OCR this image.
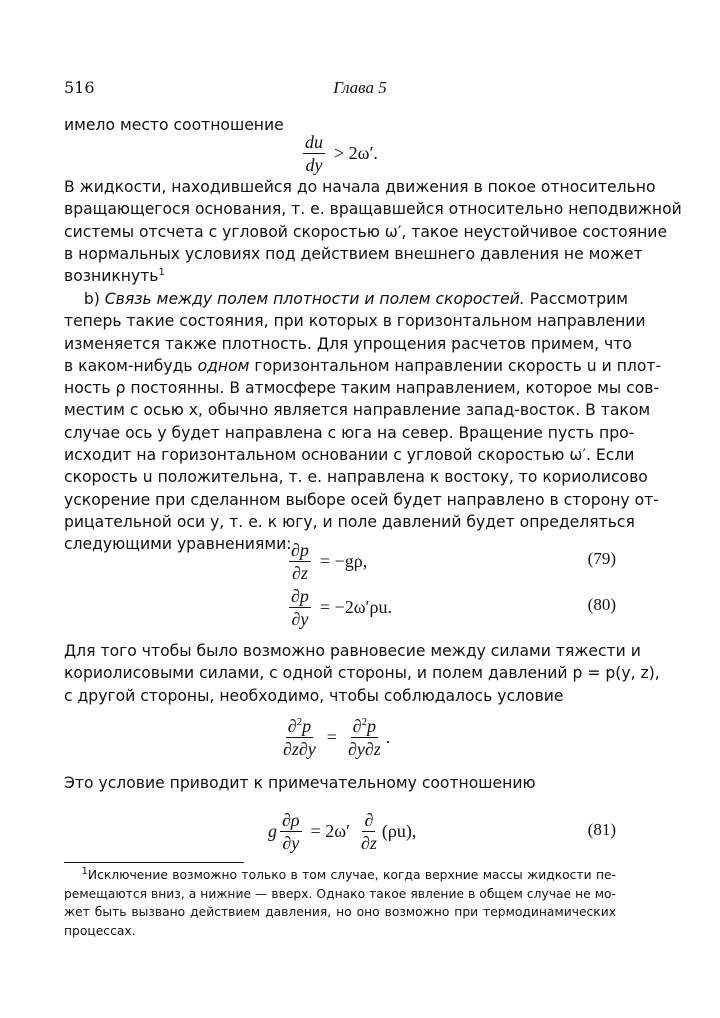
516	Глава 5
имело место соотношение
$\frac{du}{dy} > 2\omega'$.
В жидкости, находившейся до начала движения в покое относительно
вращающегося основания, т. е. вращавшейся относительно неподвижной
системы отсчета с угловой скоростью ω′, такое неустойчивое состояние
в нормальных условиях под действием внешнего давления не может
возникнуть$^1$
b) Связь между полем плотности и полем скоростей. Рассмотрим
теперь такие состояния, при которых в горизонтальном направлении
изменяется также плотность. Для упрощения расчетов примем, что
в каком-нибудь одном горизонтальном направлении скорость u и плот-
ность ρ постоянны. В атмосфере таким направлением, которое мы сов-
местим с осью x, обычно является направление запад-восток. В таком
случае ось y будет направлена с юга на север. Вращение пусть про-
исходит на горизонтальном основании с угловой скоростью ω′. Если
скорость u положительна, т. е. направлена к востоку, то кориолисово
ускорение при сделанном выборе осей будет направлено в сторону от-
рицательной оси y, т. е. к югу, и поле давлений будет определяться
следующими уравнениями:
$\frac{\partial p}{\partial z} = -g\rho$,	(79)
$\frac{\partial p}{\partial y} = -2\omega'\rho u$.	(80)
Для того чтобы было возможно равновесие между силами тяжести и
кориолисовыми силами, с одной стороны, и полем давлений p = p(y, z),
с другой стороны, необходимо, чтобы соблюдалось условие
$\frac{\partial^2p}{\partial z\partial y} = \frac{\partial^2p}{\partial y\partial z}$ .
Это условие приводит к примечательному соотношению
g $\frac{\partial\rho}{\partial y} = 2\omega' \frac{\partial}{\partial z} (\rho u)$,	(81)
$^1$Исключение возможно только в том случае, когда верхние массы жидкости пе-
ремещаются вниз, а нижние — вверх. Однако такое явление в общем случае не мо-
жет быть вызвано действием давления, но оно возможно при термодинамических
процессах.
